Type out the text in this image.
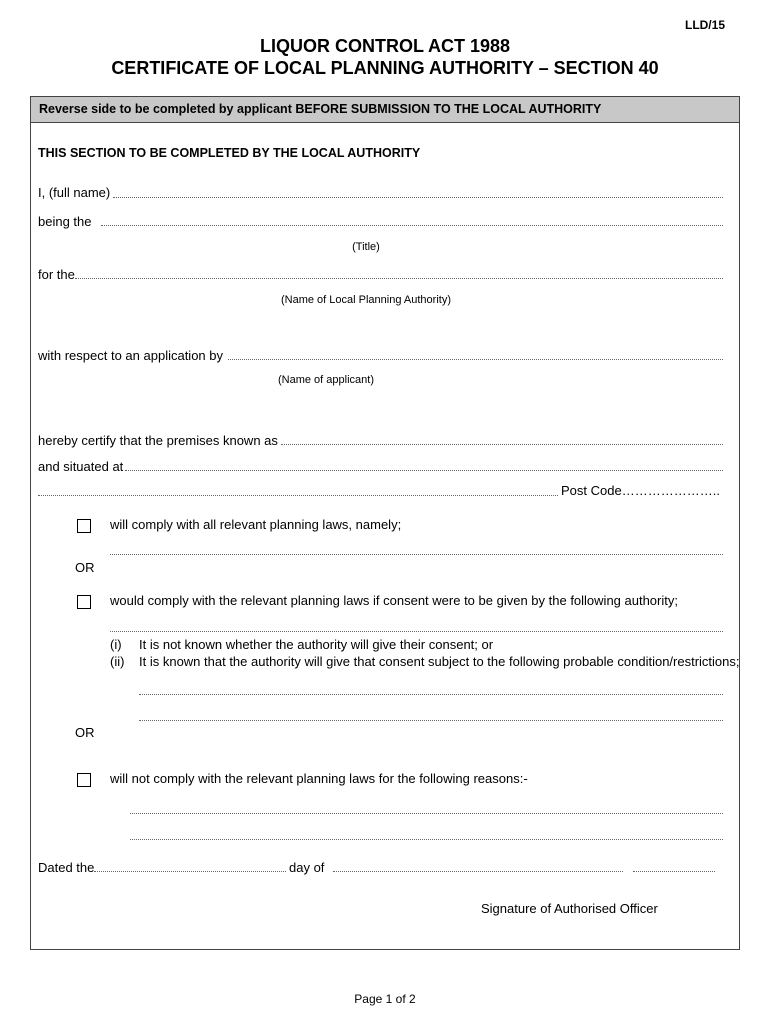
LLD/15
LIQUOR CONTROL ACT 1988
CERTIFICATE OF LOCAL PLANNING AUTHORITY – SECTION 40
Reverse side to be completed by applicant BEFORE SUBMISSION TO THE LOCAL AUTHORITY
THIS SECTION TO BE COMPLETED BY THE LOCAL AUTHORITY
I, (full name)
being the
(Title)
for the
(Name of Local Planning Authority)
with respect to an application by
(Name of applicant)
hereby certify that the premises known as
and situated at
Post Code…………………..
will comply with all relevant planning laws, namely;
OR
would comply with the relevant planning laws if consent were to be given by the following authority;
(i) It is not known whether the authority will give their consent; or
(ii) It is known that the authority will give that consent subject to the following probable condition/restrictions;
OR
will not comply with the relevant planning laws for the following reasons:-
Dated the	day of
Signature of Authorised Officer
Page 1 of 2
